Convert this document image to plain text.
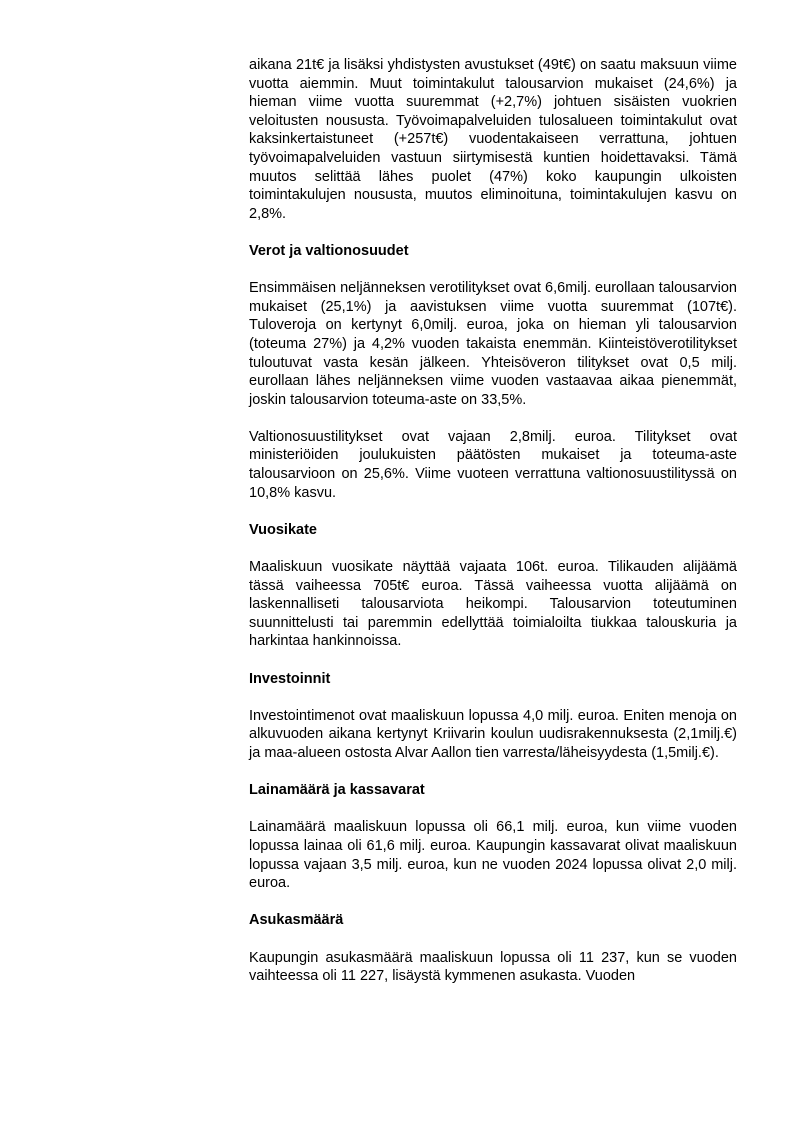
aikana 21t€ ja lisäksi yhdistysten avustukset (49t€) on saatu maksuun viime vuotta aiemmin. Muut toimintakulut talousarvion mukaiset (24,6%) ja hieman viime vuotta suuremmat (+2,7%) johtuen sisäisten vuokrien veloitusten noususta. Työvoimapalveluiden tulosalueen toimintakulut ovat kaksinkertaistuneet (+257t€) vuodentakaiseen verrattuna, johtuen työvoimapalveluiden vastuun siirtymisestä kuntien hoidettavaksi. Tämä muutos selittää lähes puolet (47%) koko kaupungin ulkoisten toimintakulujen noususta, muutos eliminoituna, toimintakulujen kasvu on 2,8%.

Verot ja valtionosuudet

Ensimmäisen neljänneksen verotilitykset ovat 6,6milj. eurollaan talousarvion mukaiset (25,1%) ja aavistuksen viime vuotta suuremmat (107t€). Tuloveroja on kertynyt 6,0milj. euroa, joka on hieman yli talousarvion (toteuma 27%) ja 4,2% vuoden takaista enemmän. Kiinteistöverotilitykset tuloutuvat vasta kesän jälkeen. Yhteisöveron tilitykset ovat 0,5 milj. eurollaan lähes neljänneksen viime vuoden vastaavaa aikaa pienemmät, joskin talousarvion toteuma-aste on 33,5%.

Valtionosuustilitykset ovat vajaan 2,8milj. euroa. Tilitykset ovat ministeriöiden joulukuisten päätösten mukaiset ja toteuma-aste talousarvioon on 25,6%. Viime vuoteen verrattuna valtionosuustilityssä on 10,8% kasvu.

Vuosikate

Maaliskuun vuosikate näyttää vajaata 106t. euroa. Tilikauden alijäämä tässä vaiheessa 705t€ euroa. Tässä vaiheessa vuotta alijäämä on laskennalliseti talousarviota heikompi. Talousarvion toteutuminen suunnittelusti tai paremmin edellyttää toimialoilta tiukkaa talouskuria ja harkintaa hankinnoissa.

Investoinnit

Investointimenot ovat maaliskuun lopussa 4,0 milj. euroa. Eniten menoja on alkuvuoden aikana kertynyt Kriivarin koulun uudisrakennuksesta (2,1milj.€) ja maa-alueen ostosta Alvar Aallon tien varresta/läheisyydesta (1,5milj.€).

Lainamäärä ja kassavarat

Lainamäärä maaliskuun lopussa oli 66,1 milj. euroa, kun viime vuoden lopussa lainaa oli 61,6 milj. euroa. Kaupungin kassavarat olivat maaliskuun lopussa vajaan 3,5 milj. euroa, kun ne vuoden 2024 lopussa olivat 2,0 milj. euroa.

Asukasmäärä

Kaupungin asukasmäärä maaliskuun lopussa oli 11 237, kun se vuoden vaihteessa oli 11 227, lisäystä kymmenen asukasta. Vuoden
